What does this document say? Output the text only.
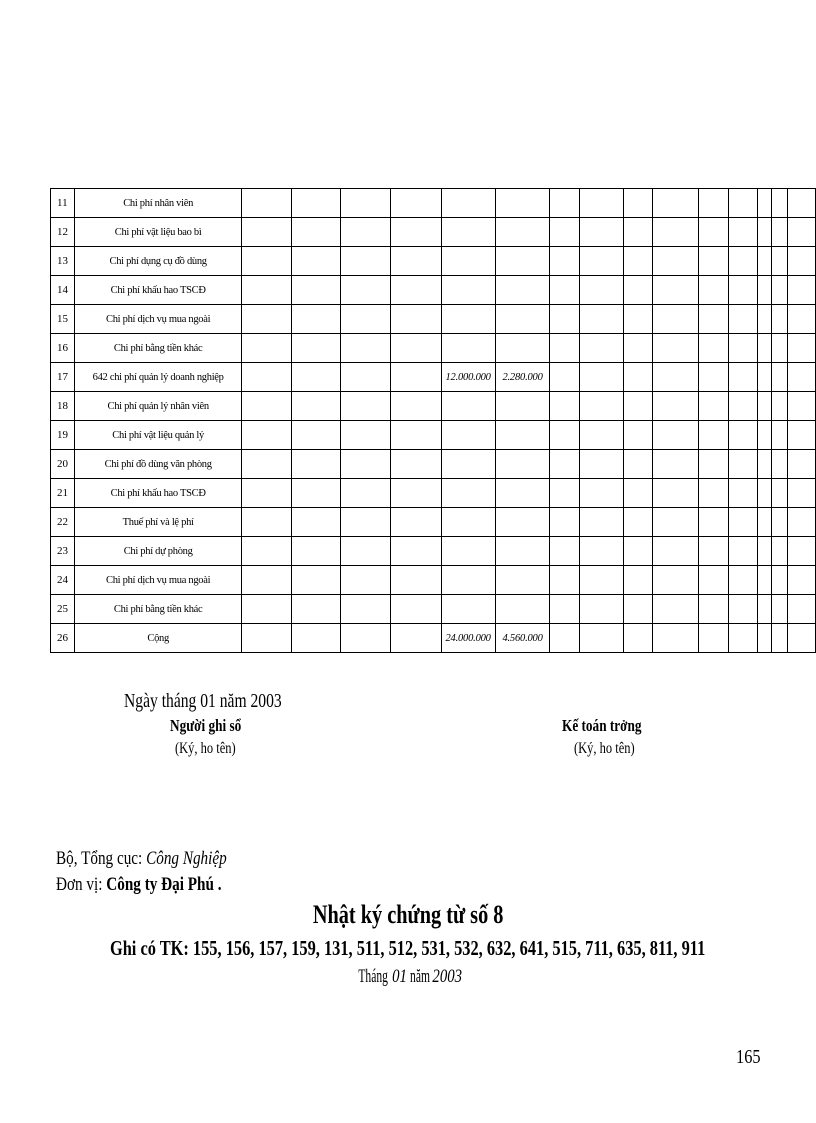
11	Chi phí nhân viên															
12	Chi phí vật liệu bao bì															
13	Chi phí dụng cụ đồ dùng															
14	Chi phí khấu hao TSCĐ															
15	Chi phí dịch vụ mua ngoài															
16	Chi phí bằng tiền khác															
17	642 chi phí quản lý doanh nghiệp					12.000.000	2.280.000									
18	Chi phí quản lý nhân viên															
19	Chi phí vật liệu quản lý															
20	Chi phí đồ dùng văn phòng															
21	Chi phí khấu hao TSCĐ															
22	Thuế phí và lệ phí															
23	Chi phí dự phòng															
24	Chi phí dịch vụ mua ngoài															
25	Chi phí bằng tiền khác															
26	Cộng					24.000.000	4.560.000									
Ngày tháng 01 năm 2003
Người ghi sổ
(Ký, ho tên)
Kế toán trởng
(Ký, ho tên)
Bộ, Tổng cục: Công Nghiệp
Đơn vị: Công ty Đại Phú .
Nhật ký chứng từ số 8
Ghi có TK: 155, 156, 157, 159, 131, 511, 512, 531, 532, 632, 641, 515, 711, 635, 811, 911
Tháng01năm2003
165
